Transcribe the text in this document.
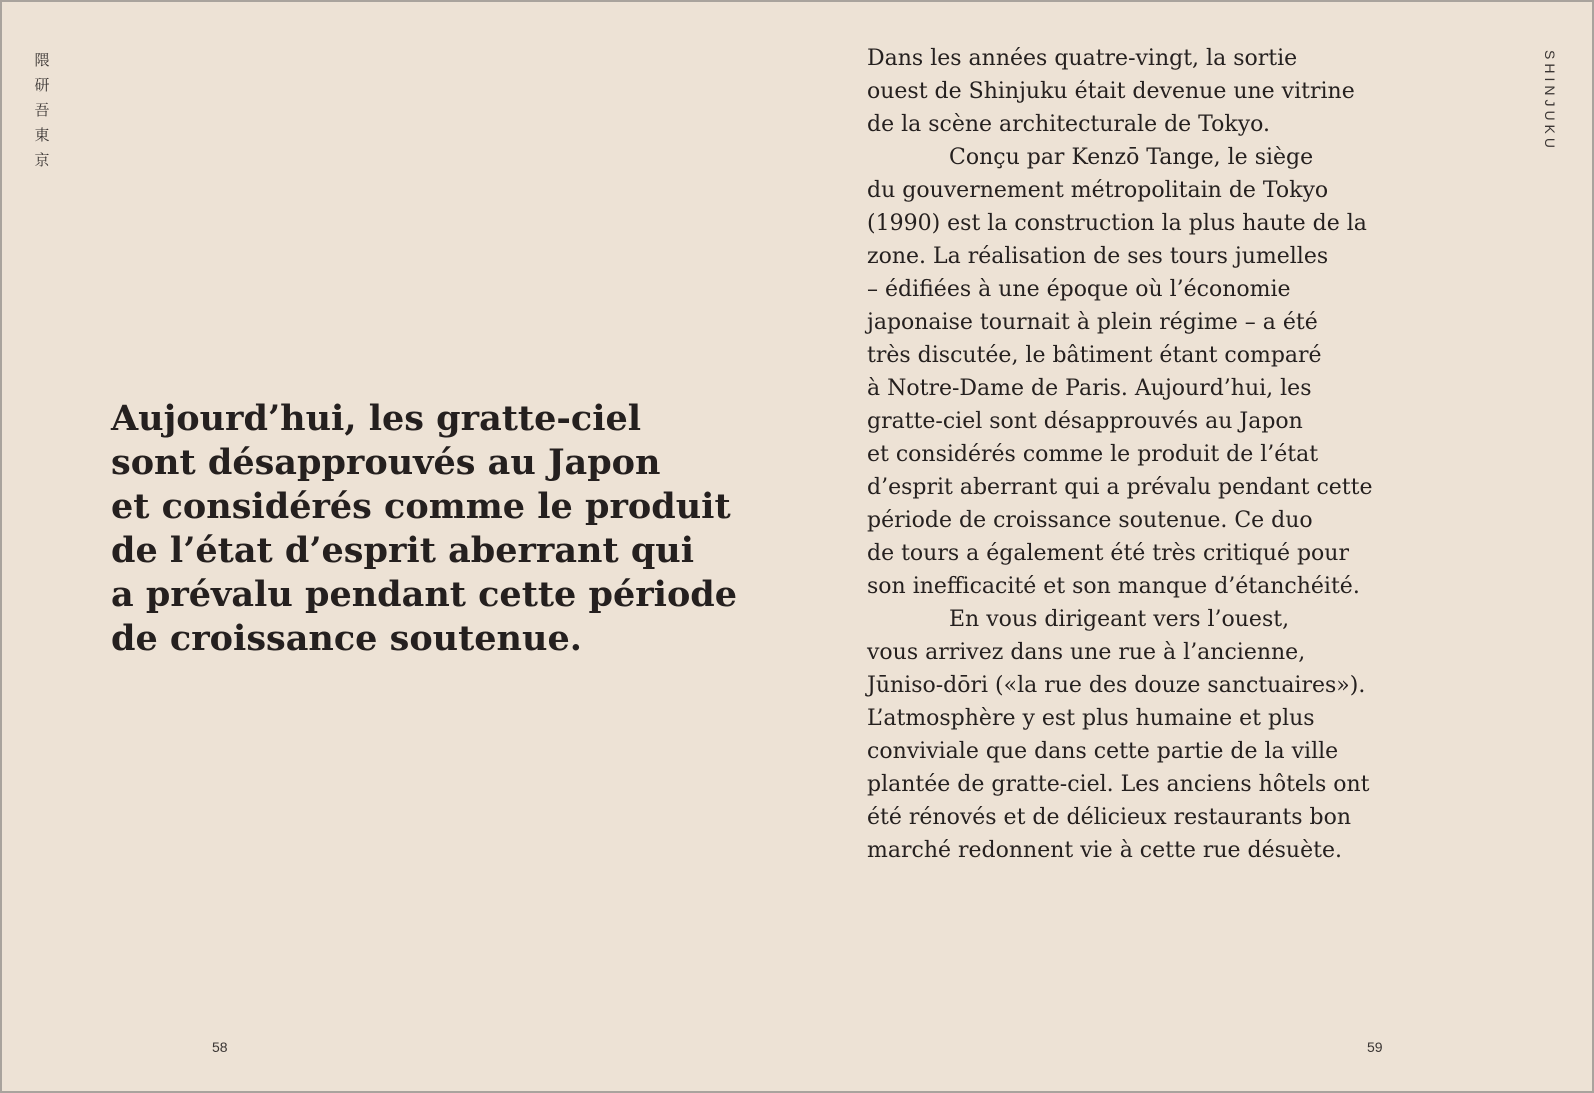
隈
研
吾
東
京
Aujourd’hui, les gratte-ciel
sont désapprouvés au Japon
et considérés comme le produit
de l’état d’esprit aberrant qui
a prévalu pendant cette période
de croissance soutenue.
58
SHINJUKU
Dans les années quatre-vingt, la sortie
ouest de Shinjuku était devenue une vitrine
de la scène architecturale de Tokyo.
Conçu par Kenzō Tange, le siège
du gouvernement métropolitain de Tokyo
(1990) est la construction la plus haute de la
zone. La réalisation de ses tours jumelles
– édifiées à une époque où l’économie
japonaise tournait à plein régime – a été
très discutée, le bâtiment étant comparé
à Notre-Dame de Paris. Aujourd’hui, les
gratte-ciel sont désapprouvés au Japon
et considérés comme le produit de l’état
d’esprit aberrant qui a prévalu pendant cette
période de croissance soutenue. Ce duo
de tours a également été très critiqué pour
son inefficacité et son manque d’étanchéité.
En vous dirigeant vers l’ouest,
vous arrivez dans une rue à l’ancienne,
Jūniso-dōri («la rue des douze sanctuaires»).
L’atmosphère y est plus humaine et plus
conviviale que dans cette partie de la ville
plantée de gratte-ciel. Les anciens hôtels ont
été rénovés et de délicieux restaurants bon
marché redonnent vie à cette rue désuète.
59
